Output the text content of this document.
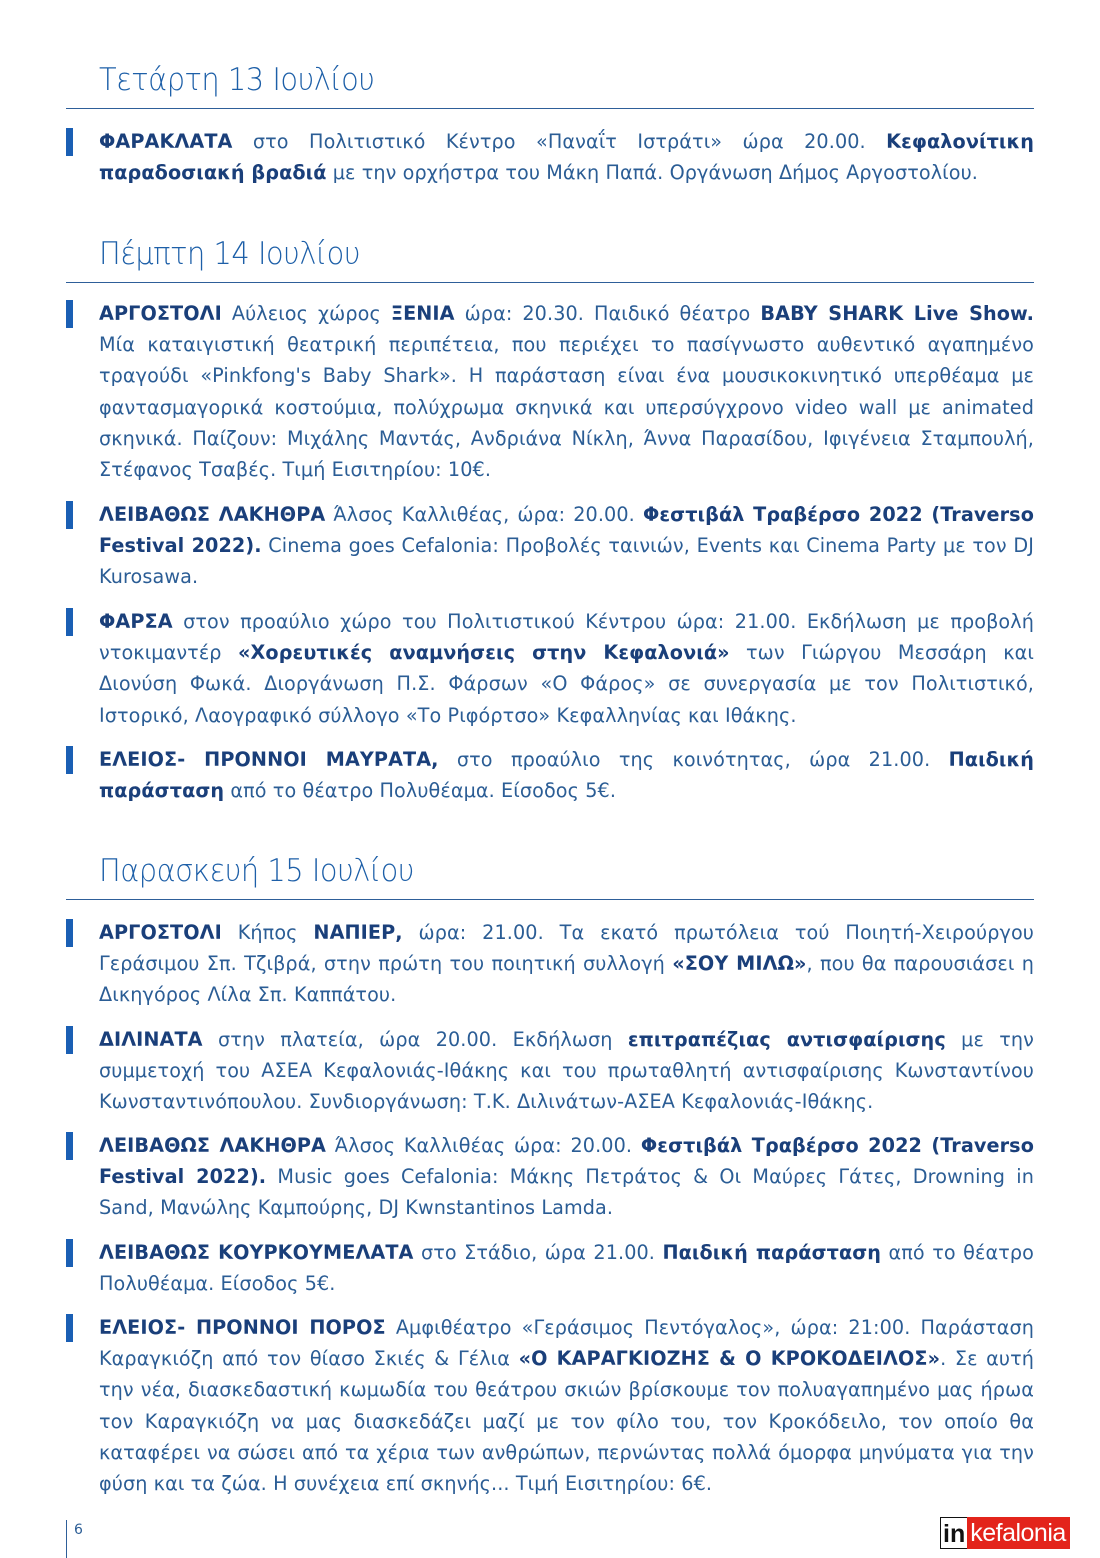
Τετάρτη 13 Ιουλίου
ΦΑΡΑΚΛΑΤΑ στο Πολιτιστικό Κέντρο «Παναΐτ Ιστράτι» ώρα 20.00. Κεφαλονίτικη παραδοσιακή βραδιά με την ορχήστρα του Μάκη Παπά. Οργάνωση Δήμος Αργοστολίου.
Πέμπτη 14 Ιουλίου
ΑΡΓΟΣΤΟΛΙ Αύλειος χώρος ΞΕΝΙΑ ώρα: 20.30. Παιδικό θέατρο BABY SHARK Live Show. Μία καταιγιστική θεατρική περιπέτεια, που περιέχει το πασίγνωστο αυθεντικό αγαπημένο τραγούδι «Pinkfong's Baby Shark». Η παράσταση είναι ένα μουσικοκινητικό υπερθέαμα με φαντασμαγορικά κοστούμια, πολύχρωμα σκηνικά και υπερσύγχρονο video wall με animated σκηνικά. Παίζουν: Μιχάλης Μαντάς, Ανδριάνα Νίκλη, Άννα Παρασίδου, Ιφιγένεια Σταμπουλή, Στέφανος Τσαβές. Τιμή Εισιτηρίου: 10€.
ΛΕΙΒΑΘΩΣ ΛΑΚΗΘΡΑ Άλσος Καλλιθέας, ώρα: 20.00. Φεστιβάλ Τραβέρσο 2022 (Traverso Festival 2022). Cinema goes Cefalonia: Προβολές ταινιών, Events και Cinema Party με τον DJ Kurosawa.
ΦΑΡΣΑ στον προαύλιο χώρο του Πολιτιστικού Κέντρου ώρα: 21.00. Εκδήλωση με προβολή ντοκιμαντέρ «Χορευτικές αναμνήσεις στην Κεφαλονιά» των Γιώργου Μεσσάρη και Διονύση Φωκά. Διοργάνωση Π.Σ. Φάρσων «Ο Φάρος» σε συνεργασία με τον Πολιτιστικό, Ιστορικό, Λαογραφικό σύλλογο «Το Ριφόρτσο» Κεφαλληνίας και Ιθάκης.
ΕΛΕΙΟΣ- ΠΡΟΝΝΟΙ ΜΑΥΡΑΤΑ, στο προαύλιο της κοινότητας, ώρα 21.00. Παιδική παράσταση από το θέατρο Πολυθέαμα. Είσοδος 5€.
Παρασκευή 15 Ιουλίου
ΑΡΓΟΣΤΟΛΙ Κήπος ΝΑΠΙΕΡ, ώρα: 21.00. Τα εκατό πρωτόλεια τού Ποιητή-Χειρούργου Γεράσιμου Σπ. Τζιβρά, στην πρώτη του ποιητική συλλογή «ΣΟΥ ΜΙΛΩ», που θα παρουσιάσει η Δικηγόρος Λίλα Σπ. Καππάτου.
ΔΙΛΙΝΑΤΑ στην πλατεία, ώρα 20.00. Εκδήλωση επιτραπέζιας αντισφαίρισης με την συμμετοχή του ΑΣΕΑ Κεφαλονιάς-Ιθάκης και του πρωταθλητή αντισφαίρισης Κωνσταντίνου Κωνσταντινόπουλου. Συνδιοργάνωση: Τ.Κ. Διλινάτων-ΑΣΕΑ Κεφαλονιάς-Ιθάκης.
ΛΕΙΒΑΘΩΣ ΛΑΚΗΘΡΑ Άλσος Καλλιθέας ώρα: 20.00. Φεστιβάλ Τραβέρσο 2022 (Traverso Festival 2022). Music goes Cefalonia: Μάκης Πετράτος & Οι Μαύρες Γάτες, Drowning in Sand, Μανώλης Καμπούρης, DJ Kwnstantinos Lamda.
ΛΕΙΒΑΘΩΣ ΚΟΥΡΚΟΥΜΕΛΑΤΑ στο Στάδιο, ώρα 21.00. Παιδική παράσταση από το θέατρο Πολυθέαμα. Είσοδος 5€.
ΕΛΕΙΟΣ- ΠΡΟΝΝΟΙ ΠΟΡΟΣ Αμφιθέατρο «Γεράσιμος Πεντόγαλος», ώρα: 21:00. Παράσταση Καραγκιόζη από τον θίασο Σκιές & Γέλια «Ο ΚΑΡΑΓΚΙΟΖΗΣ & Ο ΚΡΟΚΟΔΕΙΛΟΣ». Σε αυτή την νέα, διασκεδαστική κωμωδία του θεάτρου σκιών βρίσκουμε τον πολυαγαπημένο μας ήρωα τον Καραγκιόζη να μας διασκεδάζει μαζί με τον φίλο του, τον Κροκόδειλο, τον οποίο θα καταφέρει να σώσει από τα χέρια των ανθρώπων, περνώντας πολλά όμορφα μηνύματα για την φύση και τα ζώα. Η συνέχεια επί σκηνής... Τιμή Εισιτηρίου: 6€.
6	in kefalonia
